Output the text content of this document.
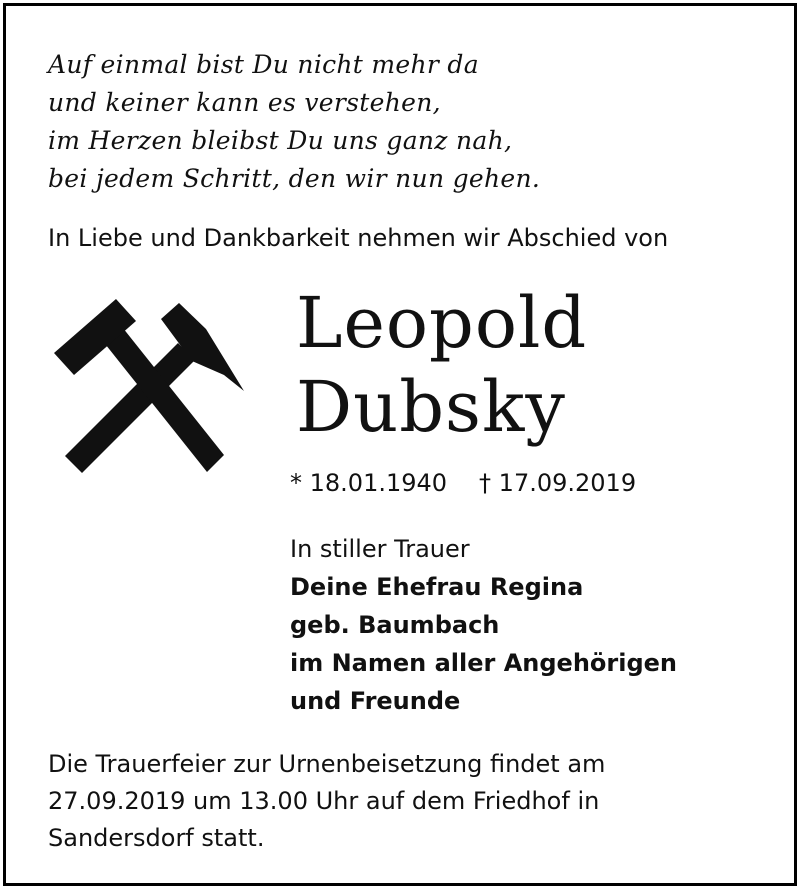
Auf einmal bist Du nicht mehr da
und keiner kann es verstehen,
im Herzen bleibst Du uns ganz nah,
bei jedem Schritt, den wir nun gehen.
In Liebe und Dankbarkeit nehmen wir Abschied von
Leopold
Dubsky
* 18.01.1940 † 17.09.2019
In stiller Trauer
Deine Ehefrau Regina
geb. Baumbach
im Namen aller Angehörigen
und Freunde
Die Trauerfeier zur Urnenbeisetzung findet am
27.09.2019 um 13.00 Uhr auf dem Friedhof in
Sandersdorf statt.
